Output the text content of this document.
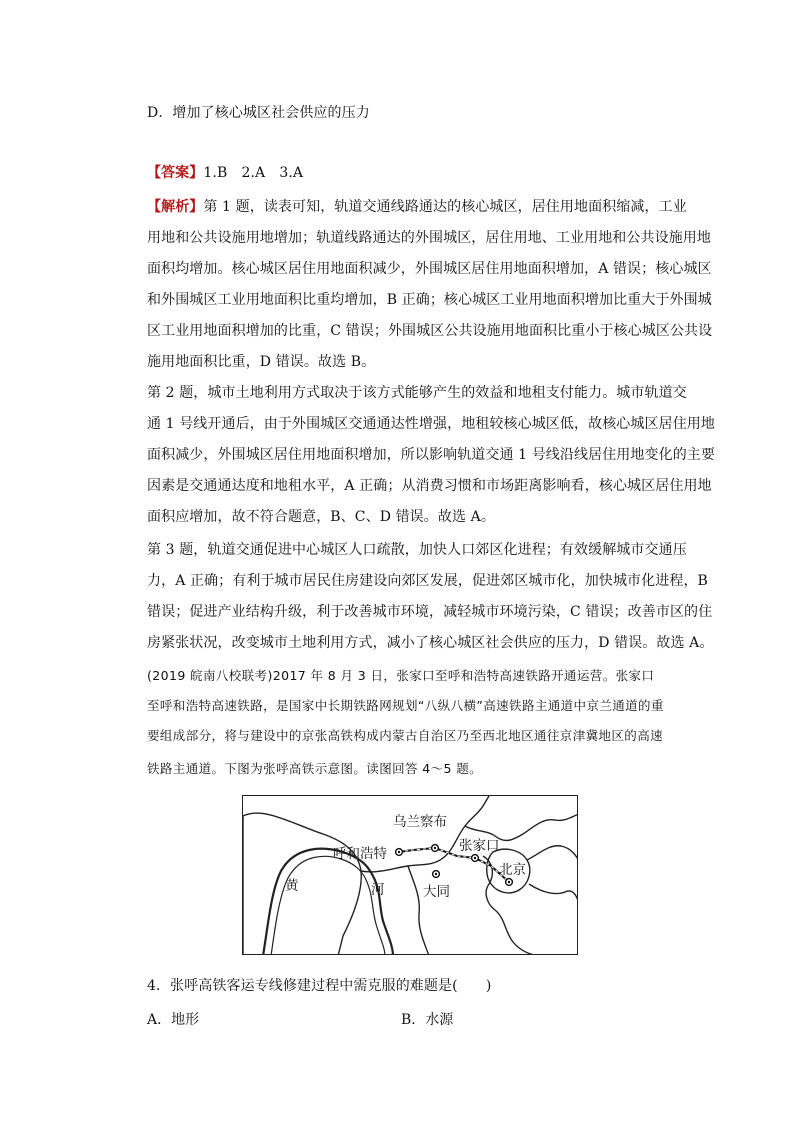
D．增加了核心城区社会供应的压力
【答案】1.B　2.A　3.A
【解析】第 1 题，读表可知，轨道交通线路通达的核心城区，居住用地面积缩减，工业
用地和公共设施用地增加；轨道线路通达的外围城区，居住用地、工业用地和公共设施用地
面积均增加。核心城区居住用地面积减少，外围城区居住用地面积增加，A 错误；核心城区
和外围城区工业用地面积比重均增加，B 正确；核心城区工业用地面积增加比重大于外围城
区工业用地面积增加的比重，C 错误；外围城区公共设施用地面积比重小于核心城区公共设
施用地面积比重，D 错误。故选 B。
第 2 题，城市土地利用方式取决于该方式能够产生的效益和地租支付能力。城市轨道交
通 1 号线开通后，由于外围城区交通通达性增强，地租较核心城区低，故核心城区居住用地
面积减少，外围城区居住用地面积增加，所以影响轨道交通 1 号线沿线居住用地变化的主要
因素是交通通达度和地租水平，A 正确；从消费习惯和市场距离影响看，核心城区居住用地
面积应增加，故不符合题意，B、C、D 错误。故选 A。
第 3 题，轨道交通促进中心城区人口疏散，加快人口郊区化进程；有效缓解城市交通压
力，A 正确；有利于城市居民住房建设向郊区发展，促进郊区城市化，加快城市化进程，B
错误；促进产业结构升级，利于改善城市环境，减轻城市环境污染，C 错误；改善市区的住
房紧张状况，改变城市土地利用方式，减小了核心城区社会供应的压力，D 错误。故选 A。
(2019 皖南八校联考)2017 年 8 月 3 日，张家口至呼和浩特高速铁路开通运营。张家口
至呼和浩特高速铁路，是国家中长期铁路网规划“八纵八横”高速铁路主通道中京兰通道的重
要组成部分，将与建设中的京张高铁构成内蒙古自治区乃至西北地区通往京津冀地区的高速
铁路主通道。下图为张呼高铁示意图。读图回答 4～5 题。
乌兰察布
呼和浩特	张家口
北京
黄	河	大同
4．张呼高铁客运专线修建过程中需克服的难题是(　　)
A．地形	B．水源
